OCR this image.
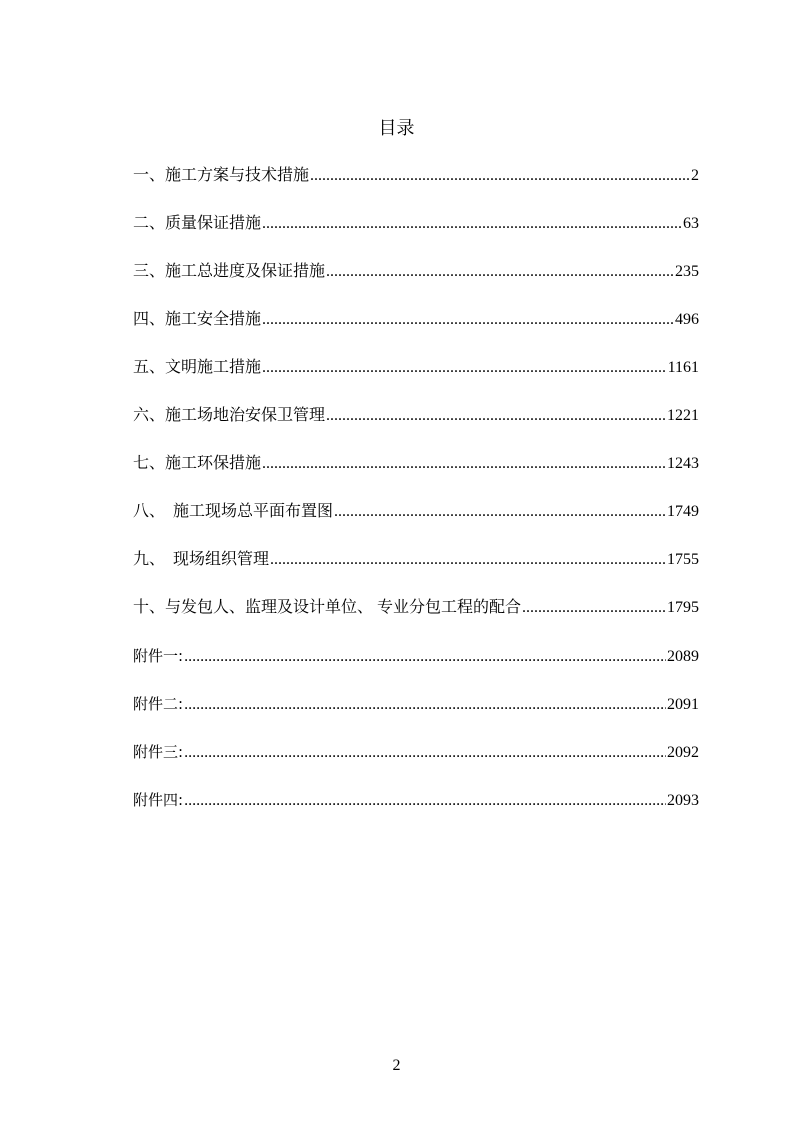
目录
一、施工方案与技术措施 .....	2
二、质量保证措施 .....	63
三、施工总进度及保证措施 .....	235
四、施工安全措施 .....	496
五、文明施工措施 .....	1161
六、施工场地治安保卫管理 .....	1221
七、施工环保措施 .....	1243
八、  施工现场总平面布置图 .....	1749
九、  现场组织管理 .....	1755
十、与发包人、监理及设计单位、 专业分包工程的配合 .....	1795
附件一: .....	2089
附件二: .....	2091
附件三: .....	2092
附件四: .....	2093
2
